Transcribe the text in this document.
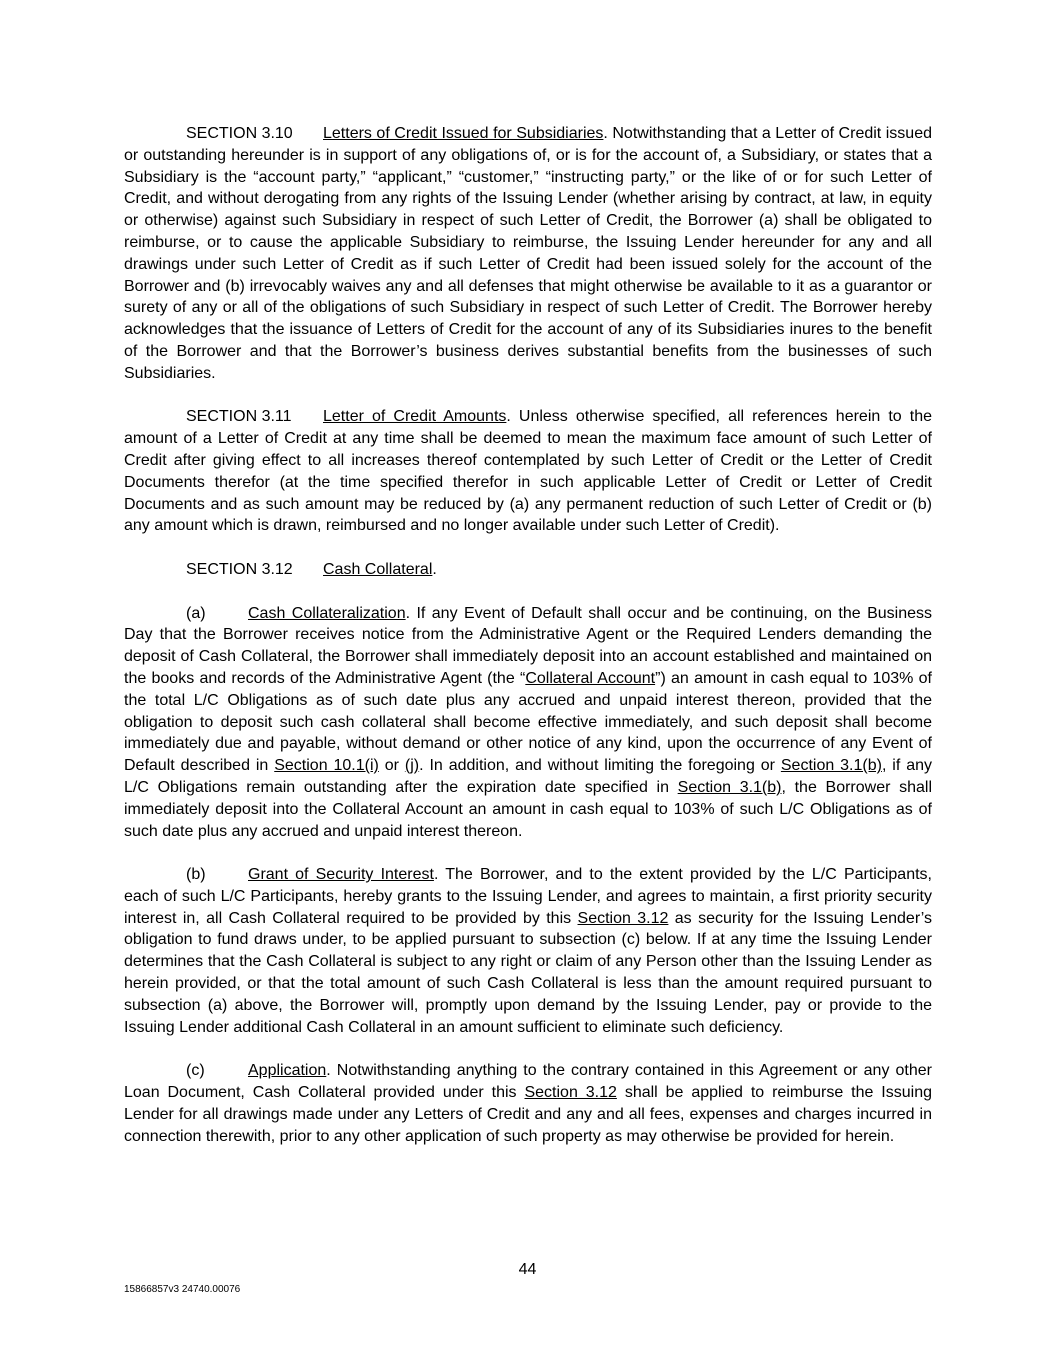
SECTION 3.10 Letters of Credit Issued for Subsidiaries. Notwithstanding that a Letter of Credit issued or outstanding hereunder is in support of any obligations of, or is for the account of, a Subsidiary, or states that a Subsidiary is the “account party,” “applicant,” “customer,” “instructing party,” or the like of or for such Letter of Credit, and without derogating from any rights of the Issuing Lender (whether arising by contract, at law, in equity or otherwise) against such Subsidiary in respect of such Letter of Credit, the Borrower (a) shall be obligated to reimburse, or to cause the applicable Subsidiary to reimburse, the Issuing Lender hereunder for any and all drawings under such Letter of Credit as if such Letter of Credit had been issued solely for the account of the Borrower and (b) irrevocably waives any and all defenses that might otherwise be available to it as a guarantor or surety of any or all of the obligations of such Subsidiary in respect of such Letter of Credit. The Borrower hereby acknowledges that the issuance of Letters of Credit for the account of any of its Subsidiaries inures to the benefit of the Borrower and that the Borrower’s business derives substantial benefits from the businesses of such Subsidiaries.

SECTION 3.11 Letter of Credit Amounts. Unless otherwise specified, all references herein to the amount of a Letter of Credit at any time shall be deemed to mean the maximum face amount of such Letter of Credit after giving effect to all increases thereof contemplated by such Letter of Credit or the Letter of Credit Documents therefor (at the time specified therefor in such applicable Letter of Credit or Letter of Credit Documents and as such amount may be reduced by (a) any permanent reduction of such Letter of Credit or (b) any amount which is drawn, reimbursed and no longer available under such Letter of Credit).

SECTION 3.12 Cash Collateral.

(a)	Cash Collateralization. If any Event of Default shall occur and be continuing, on the Business Day that the Borrower receives notice from the Administrative Agent or the Required Lenders demanding the deposit of Cash Collateral, the Borrower shall immediately deposit into an account established and maintained on the books and records of the Administrative Agent (the “Collateral Account”) an amount in cash equal to 103% of the total L/C Obligations as of such date plus any accrued and unpaid interest thereon, provided that the obligation to deposit such cash collateral shall become effective immediately, and such deposit shall become immediately due and payable, without demand or other notice of any kind, upon the occurrence of any Event of Default described in Section 10.1(i) or (j). In addition, and without limiting the foregoing or Section 3.1(b), if any L/C Obligations remain outstanding after the expiration date specified in Section 3.1(b), the Borrower shall immediately deposit into the Collateral Account an amount in cash equal to 103% of such L/C Obligations as of such date plus any accrued and unpaid interest thereon.

(b)	Grant of Security Interest. The Borrower, and to the extent provided by the L/C Participants, each of such L/C Participants, hereby grants to the Issuing Lender, and agrees to maintain, a first priority security interest in, all Cash Collateral required to be provided by this Section 3.12 as security for the Issuing Lender’s obligation to fund draws under, to be applied pursuant to subsection (c) below. If at any time the Issuing Lender determines that the Cash Collateral is subject to any right or claim of any Person other than the Issuing Lender as herein provided, or that the total amount of such Cash Collateral is less than the amount required pursuant to subsection (a) above, the Borrower will, promptly upon demand by the Issuing Lender, pay or provide to the Issuing Lender additional Cash Collateral in an amount sufficient to eliminate such deficiency.

(c)	Application. Notwithstanding anything to the contrary contained in this Agreement or any other Loan Document, Cash Collateral provided under this Section 3.12 shall be applied to reimburse the Issuing Lender for all drawings made under any Letters of Credit and any and all fees, expenses and charges incurred in connection therewith, prior to any other application of such property as may otherwise be provided for herein.

44
15866857v3 24740.00076
